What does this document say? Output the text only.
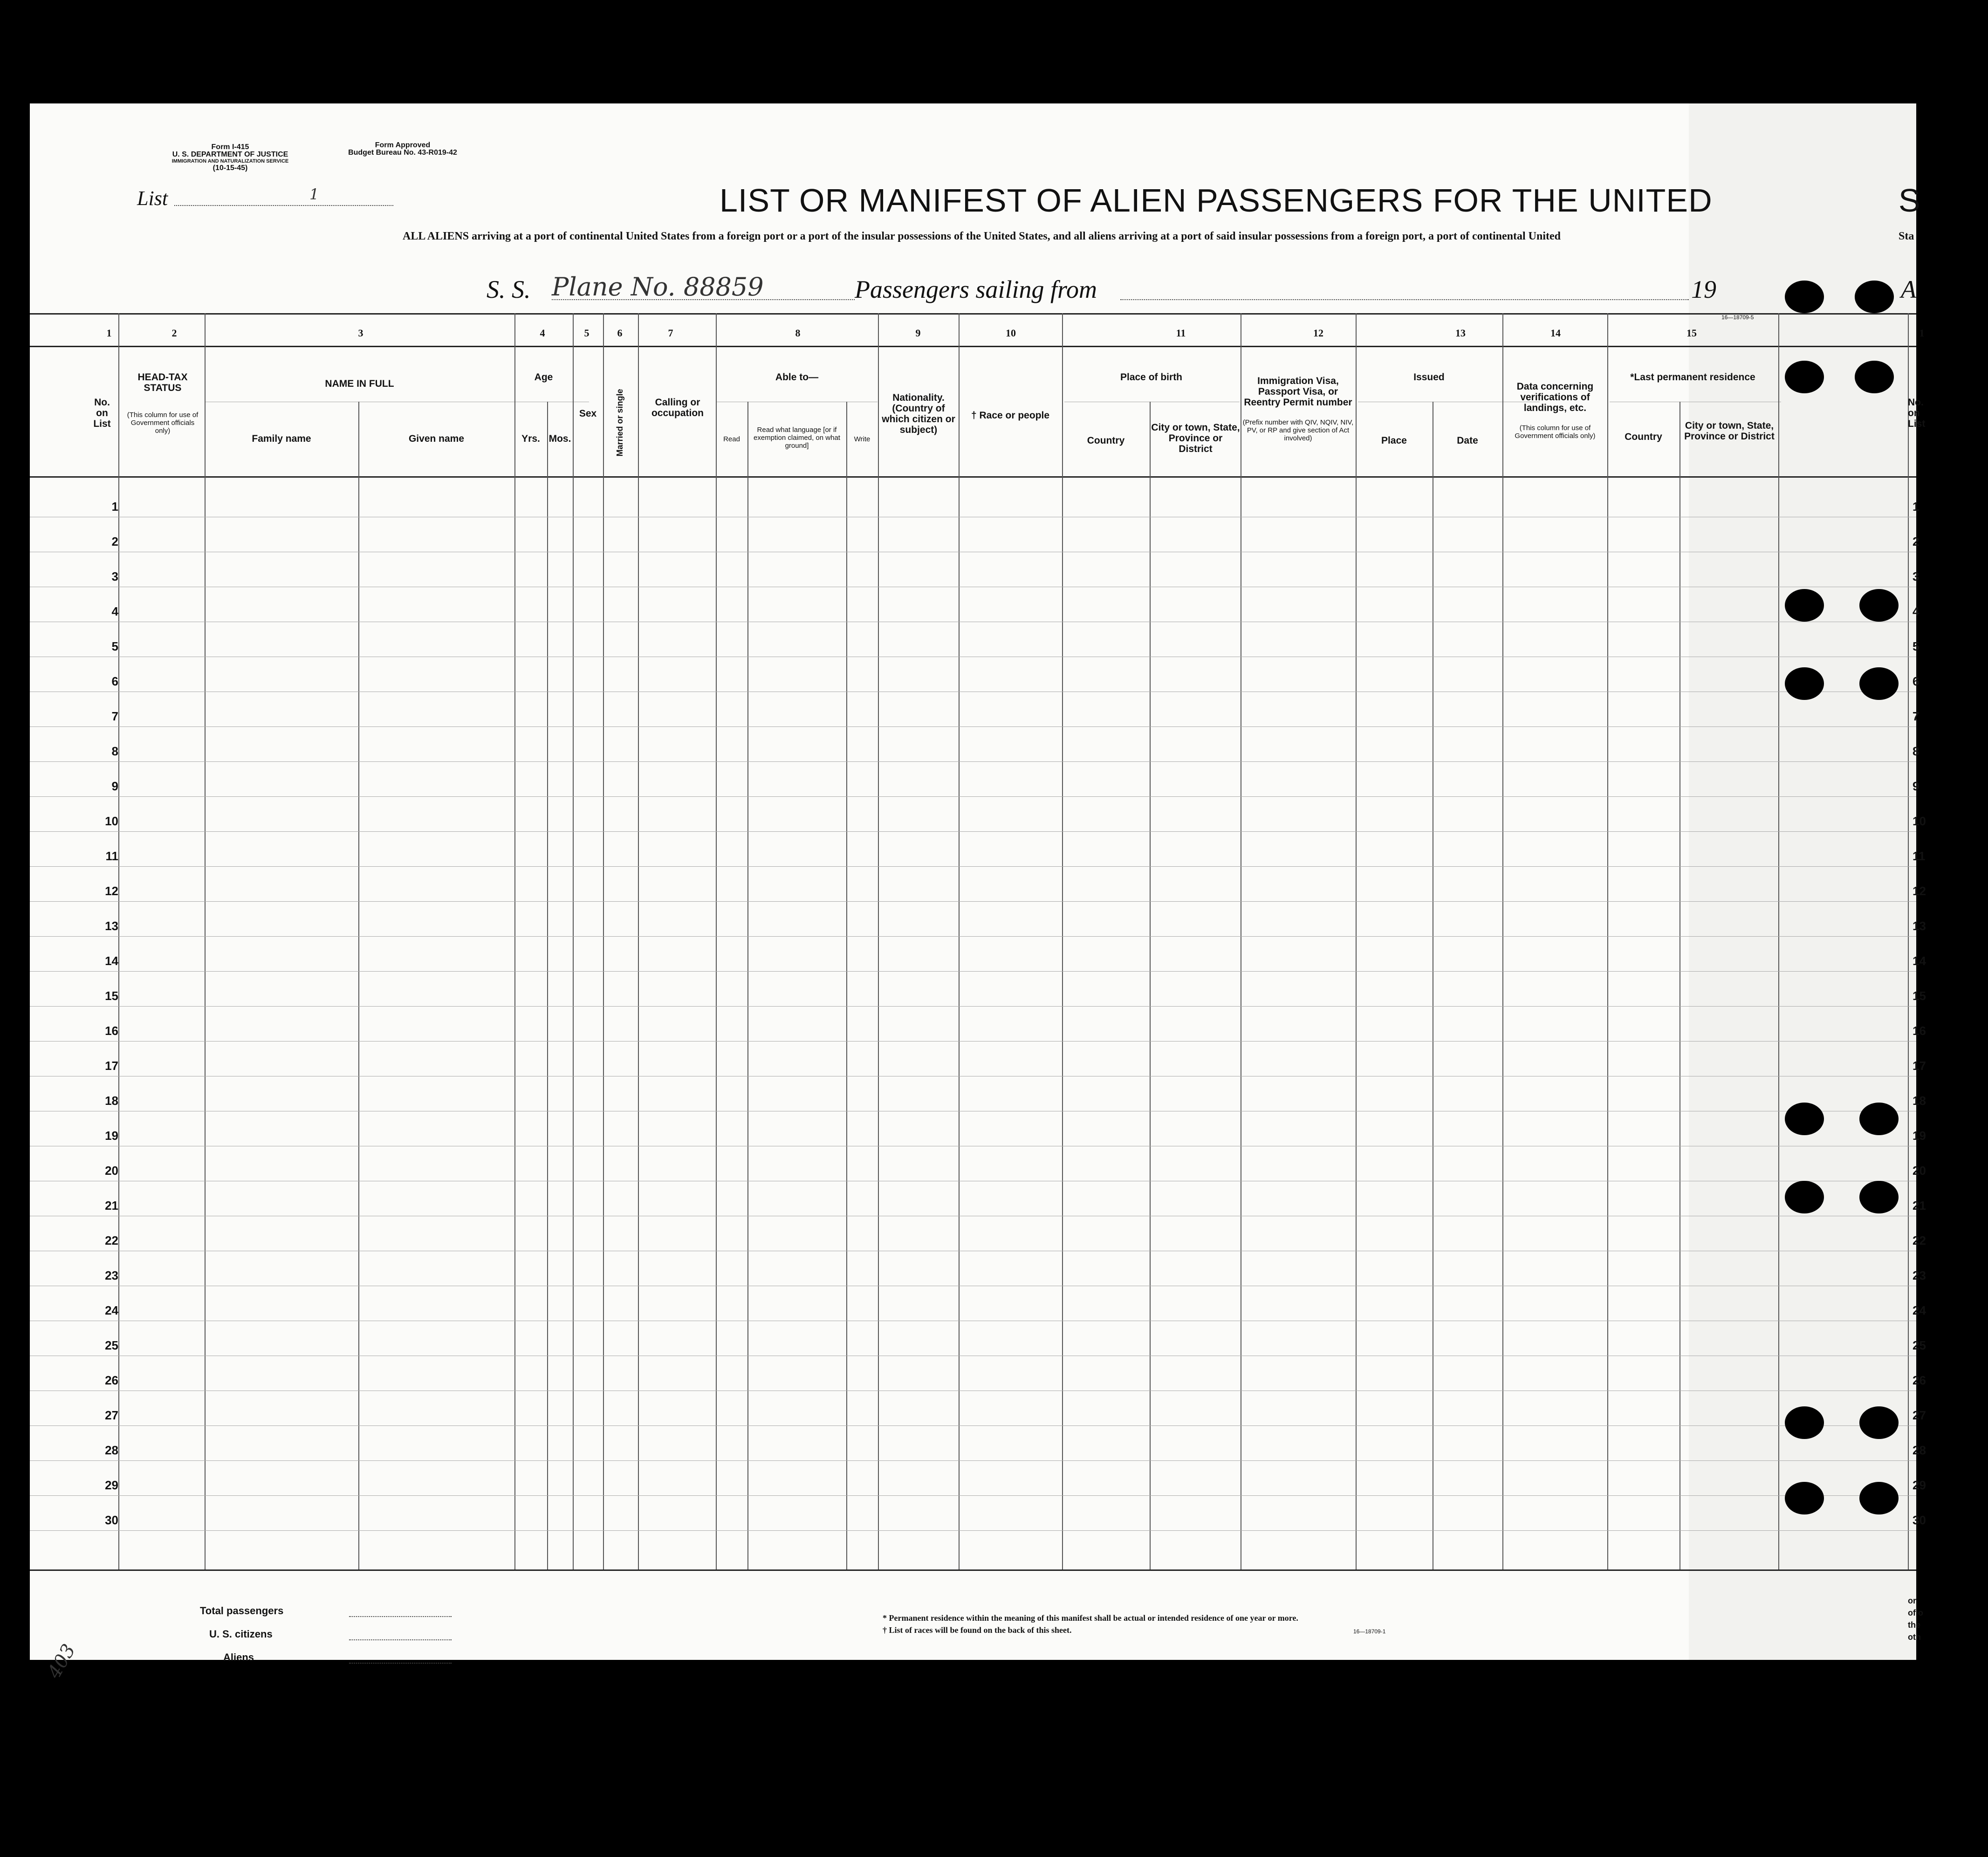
Form I-415
U. S. DEPARTMENT OF JUSTICE
IMMIGRATION AND NATURALIZATION SERVICE
(10-15-45)
Form Approved
Budget Bureau No. 43-R019-42
List	1	LIST OR MANIFEST OF ALIEN PASSENGERS FOR THE UNITED	S
ALL ALIENS arriving at a port of continental United States from a foreign port or a port of the insular possessions of the United States, and all aliens arriving at a port of said insular possessions from a foreign port, a port of continental United	Sta
S. S. Plane No. 88859	Passengers sailing from	19	A
16—18709-5
1	2	3	4	5	6	7	8	9	10	11	12	13	14	15	1
No. on List
HEAD-TAX STATUS
(This column for use of Government officials only)
NAME IN FULL
Family name	Given name
Age
Yrs. Mos.
Sex	Married or single	Calling or occupation
Able to—
Read
Read what language [or if exemption claimed, on what ground]
Write
Nationality. (Country of which citizen or subject)
† Race or people
Place of birth
Country
City or town, State, Province or District
Immigration Visa, Passport Visa, or Reentry Permit number
(Prefix number with QIV, NQIV, NIV, PV, or RP and give section of Act involved)
Issued
Place	Date
Data concerning verifications of landings, etc.
(This column for use of Government officials only)
*Last permanent residence
Country
City or town, State, Province or District
No. on List
1	1
2	2
3	3
4	4
5	5
6	6
7	7
8	8
9	9
10	10
11	11
12	12
13	13
14	14
15	15
16	16
17	17
18	18
19	19
20	20
21	21
22	22
23	23
24	24
25	25
26	26
27	27
28	28
29	29
30	30
Total passengers
U. S. citizens
Aliens
* Permanent residence within the meaning of this manifest shall be actual or intended residence of one year or more.
† List of races will be found on the back of this sheet.	16—18709-1
403
or
of o
the
oth
